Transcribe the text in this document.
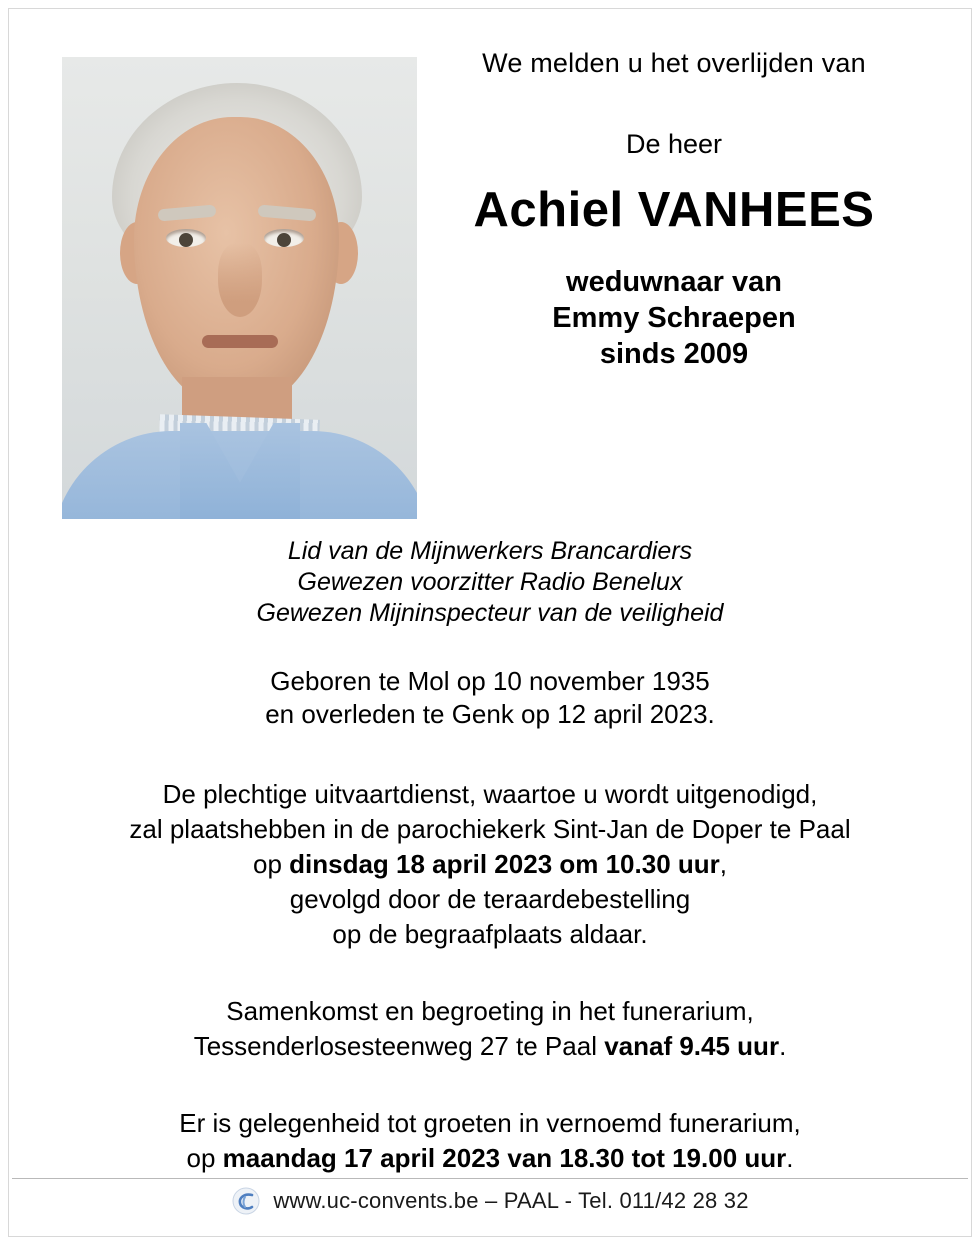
We melden u het overlijden van
De heer
Achiel VANHEES
weduwnaar van
Emmy Schraepen
sinds 2009
Lid van de Mijnwerkers Brancardiers
Gewezen voorzitter Radio Benelux
Gewezen Mijninspecteur van de veiligheid
Geboren te Mol op 10 november 1935
en overleden te Genk op 12 april 2023.
De plechtige uitvaartdienst, waartoe u wordt uitgenodigd,
zal plaatshebben in de parochiekerk Sint-Jan de Doper te Paal
op dinsdag 18 april 2023 om 10.30 uur,
gevolgd door de teraardebestelling
op de begraafplaats aldaar.
Samenkomst en begroeting in het funerarium,
Tessenderlosesteenweg 27 te Paal vanaf 9.45 uur.
Er is gelegenheid tot groeten in vernoemd funerarium,
op maandag 17 april 2023 van 18.30 tot 19.00 uur.
www.uc-convents.be – PAAL - Tel. 011/42 28 32
